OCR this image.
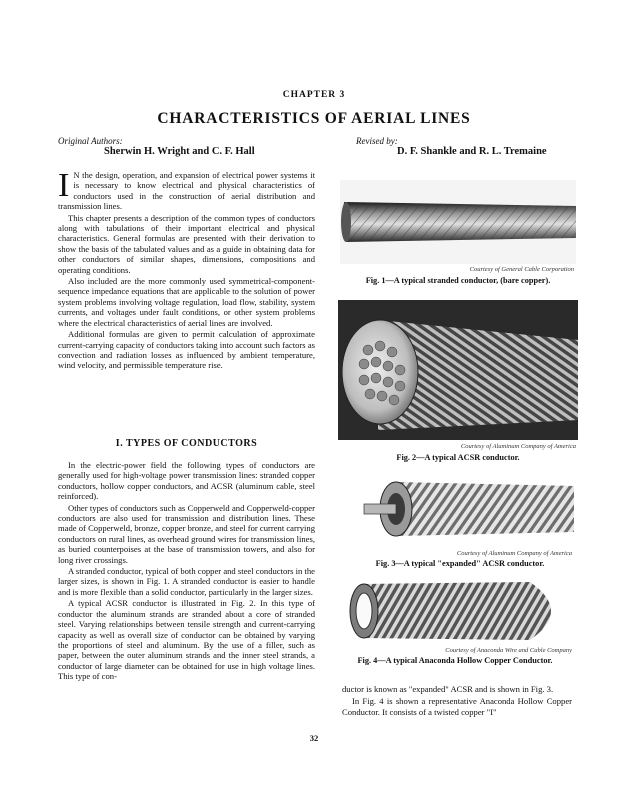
CHAPTER 3
CHARACTERISTICS OF AERIAL LINES
Original Authors:
Sherwin H. Wright and C. F. Hall
Revised by:
D. F. Shankle and R. L. Tremaine

I N the design, operation, and expansion of electrical power systems it is necessary to know electrical and physical characteristics of conductors used in the construction of aerial distribution and transmission lines.

This chapter presents a description of the common types of conductors along with tabulations of their important electrical and physical characteristics. General formulas are presented with their derivation to show the basis of the tabulated values and as a guide in obtaining data for other conductors of similar shapes, dimensions, compositions and operating conditions.

Also included are the more commonly used symmetrical-component-sequence impedance equations that are applicable to the solution of power system problems involving voltage regulation, load flow, stability, system currents, and voltages under fault conditions, or other system problems where the electrical characteristics of aerial lines are involved.

Additional formulas are given to permit calculation of approximate current-carrying capacity of conductors taking into account such factors as convection and radiation losses as influenced by ambient temperature, wind velocity, and permissible temperature rise.

I. TYPES OF CONDUCTORS

In the electric-power field the following types of conductors are generally used for high-voltage power transmission lines: stranded copper conductors, hollow copper conductors, and ACSR (aluminum cable, steel reinforced).

Other types of conductors such as Copperweld and Copperweld-copper conductors are also used for transmission and distribution lines. These made of Copperweld, bronze, copper bronze, and steel for current carrying conductors on rural lines, as overhead ground wires for transmission lines, as buried counterpoises at the base of transmission towers, and also for long river crossings.

A stranded conductor, typical of both copper and steel conductors in the larger sizes, is shown in Fig. 1. A stranded conductor is easier to handle and is more flexible than a solid conductor, particularly in the larger sizes.

A typical ACSR conductor is illustrated in Fig. 2. In this type of conductor the aluminum strands are stranded about a core of stranded steel. Varying relationships between tensile strength and current-carrying capacity as well as overall size of conductor can be obtained by varying the proportions of steel and aluminum. By the use of a filler, such as paper, between the outer aluminum strands and the inner steel strands, a conductor of large diameter can be obtained for use in high voltage lines. This type of con-

Courtesy of General Cable Corporation
Fig. 1—A typical stranded conductor, (bare copper).
Courtesy of Aluminum Company of America
Fig. 2—A typical ACSR conductor.
Courtesy of Aluminum Company of America
Fig. 3—A typical "expanded" ACSR conductor.
Courtesy of Anaconda Wire and Cable Company
Fig. 4—A typical Anaconda Hollow Copper Conductor.

ductor is known as "expanded" ACSR and is shown in Fig. 3.

In Fig. 4 is shown a representative Anaconda Hollow Copper Conductor. It consists of a twisted copper "I"

32
